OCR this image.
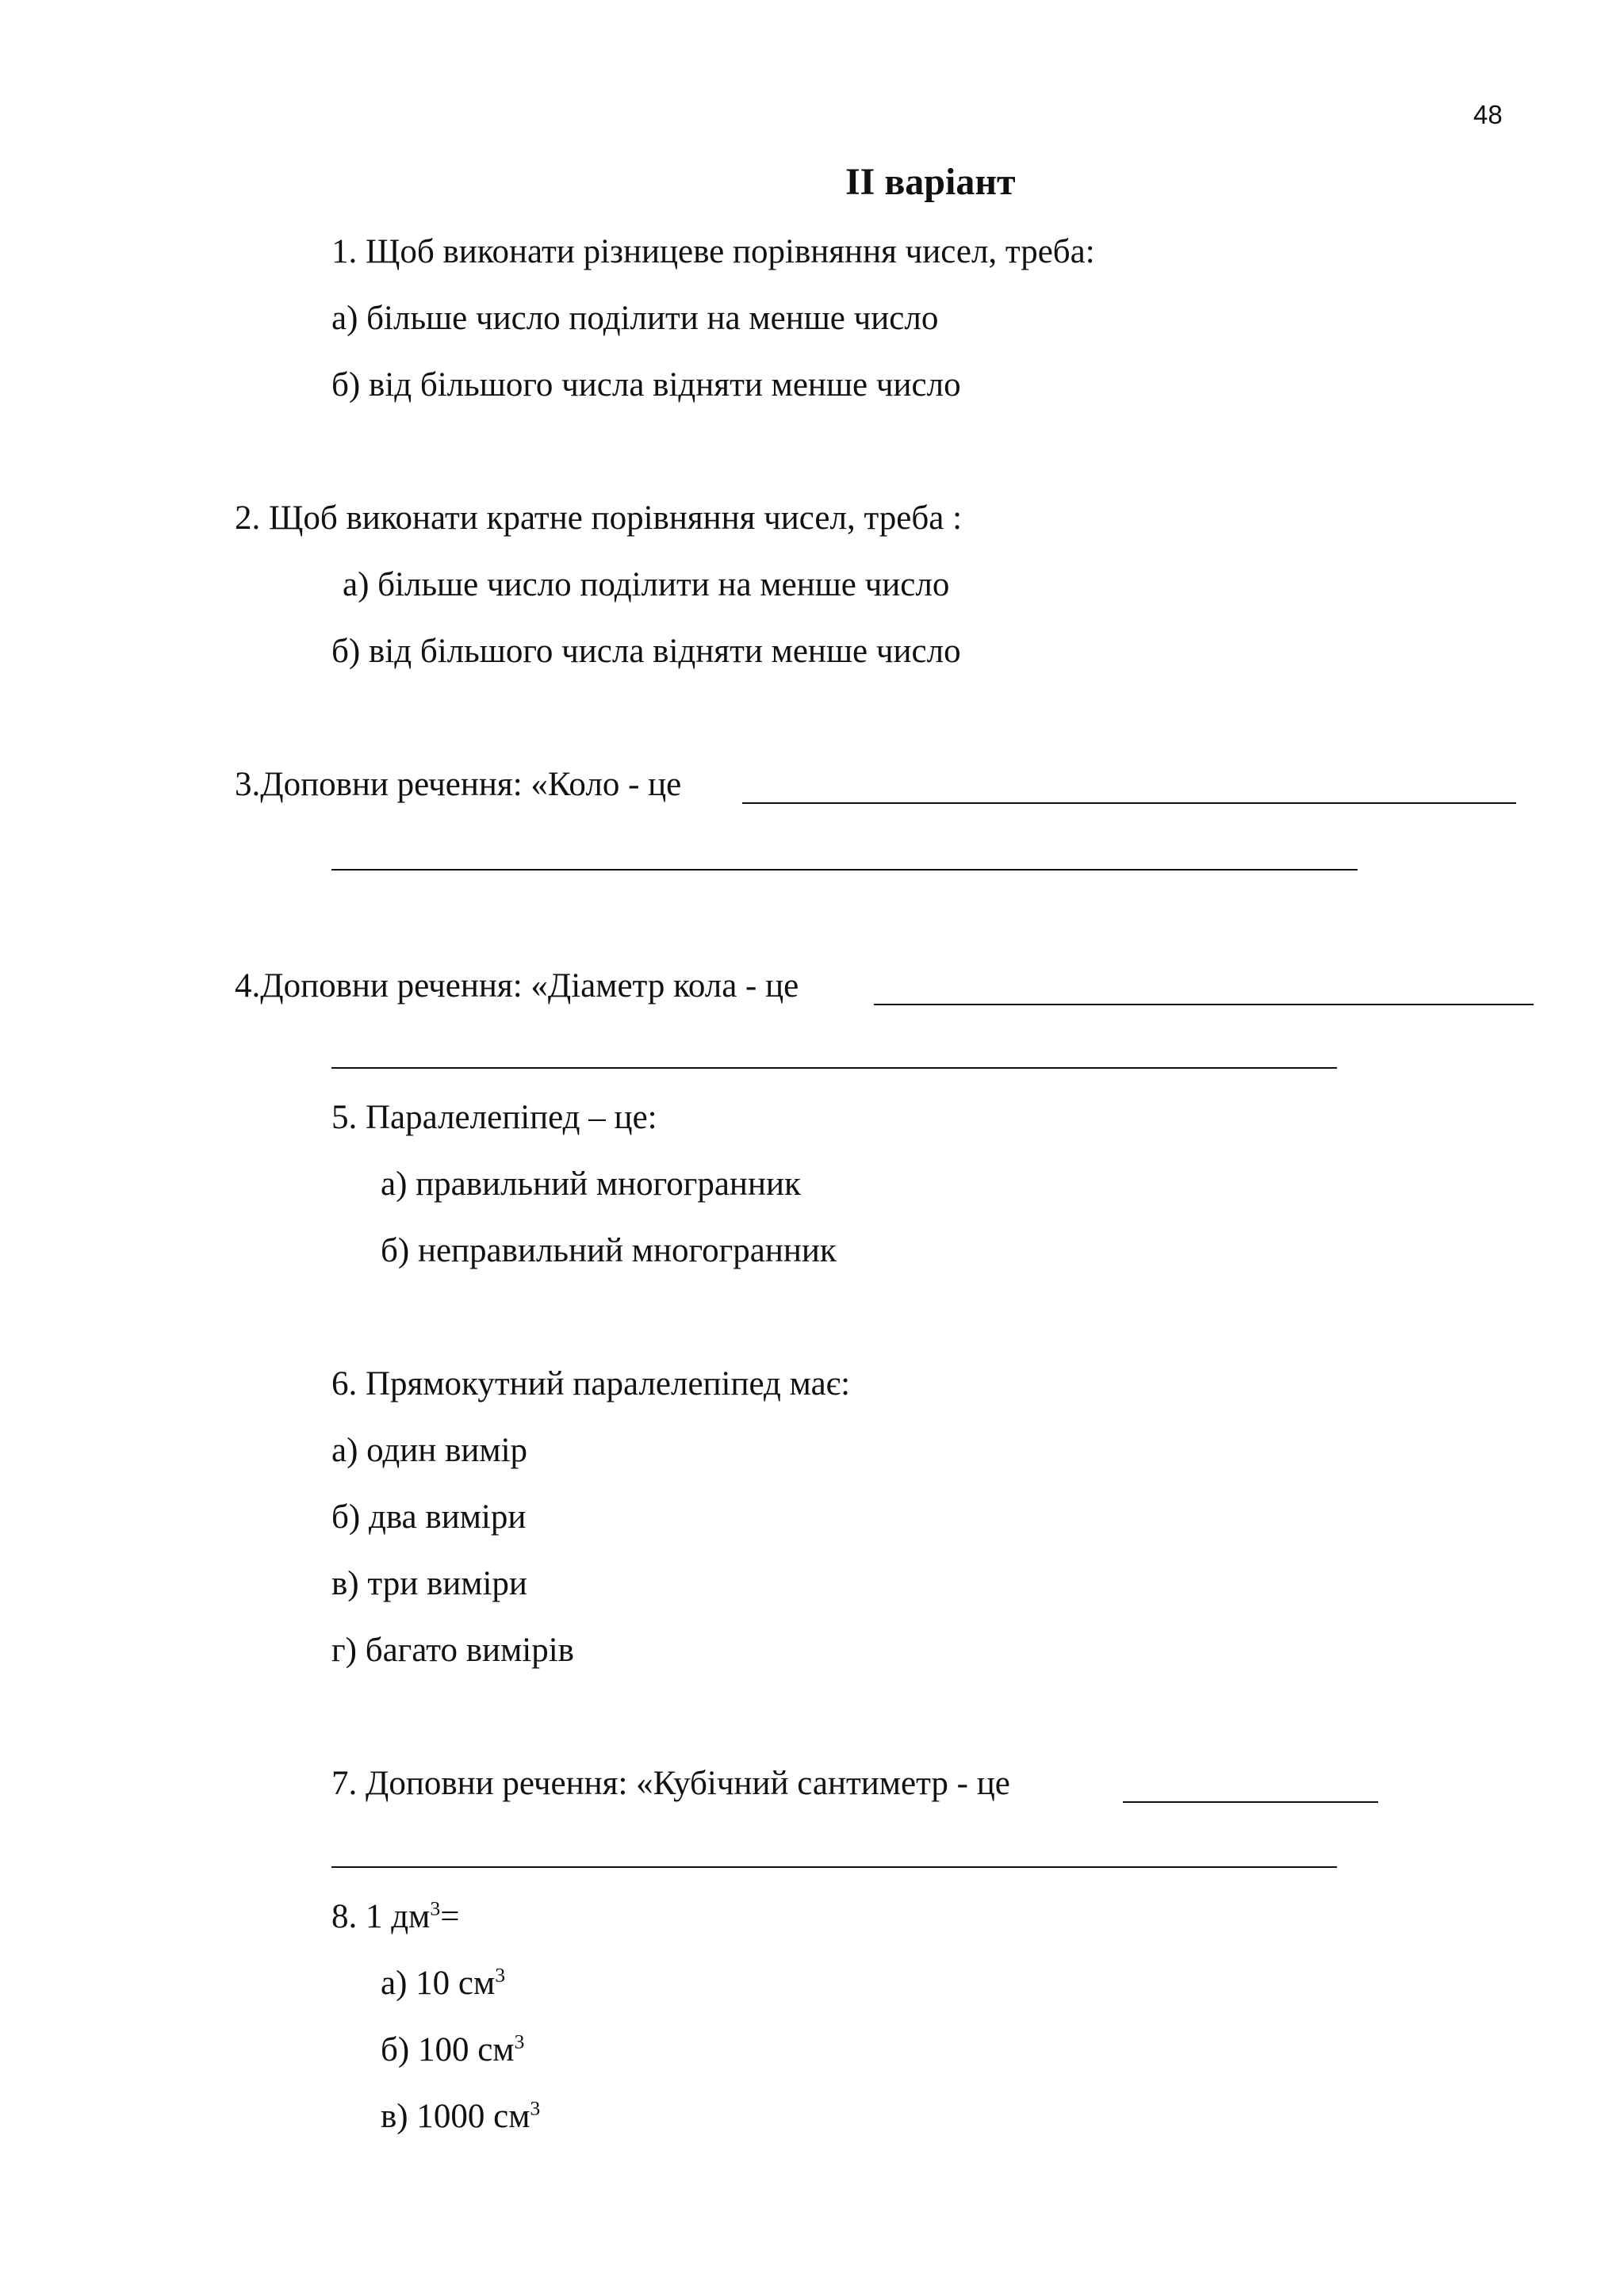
48
II варіант
1. Щоб виконати різницеве порівняння чисел, треба:
а) більше число поділити на менше число
б) від більшого числа відняти менше число
2. Щоб виконати кратне порівняння чисел, треба :
а) більше число поділити на менше число
б) від більшого числа відняти менше число
3.Доповни речення: «Коло - це
4.Доповни речення: «Діаметр кола - це
5. Паралелепіпед – це:
а) правильний многогранник
б) неправильний многогранник
6. Прямокутний паралелепіпед має:
а) один вимір
б) два виміри
в) три виміри
г) багато вимірів
7. Доповни речення: «Кубічний сантиметр - це
8. 1 $дм^3=$
а) 10 $см^3$
б) 100 $см^3$
в) 1000 $см^3$
